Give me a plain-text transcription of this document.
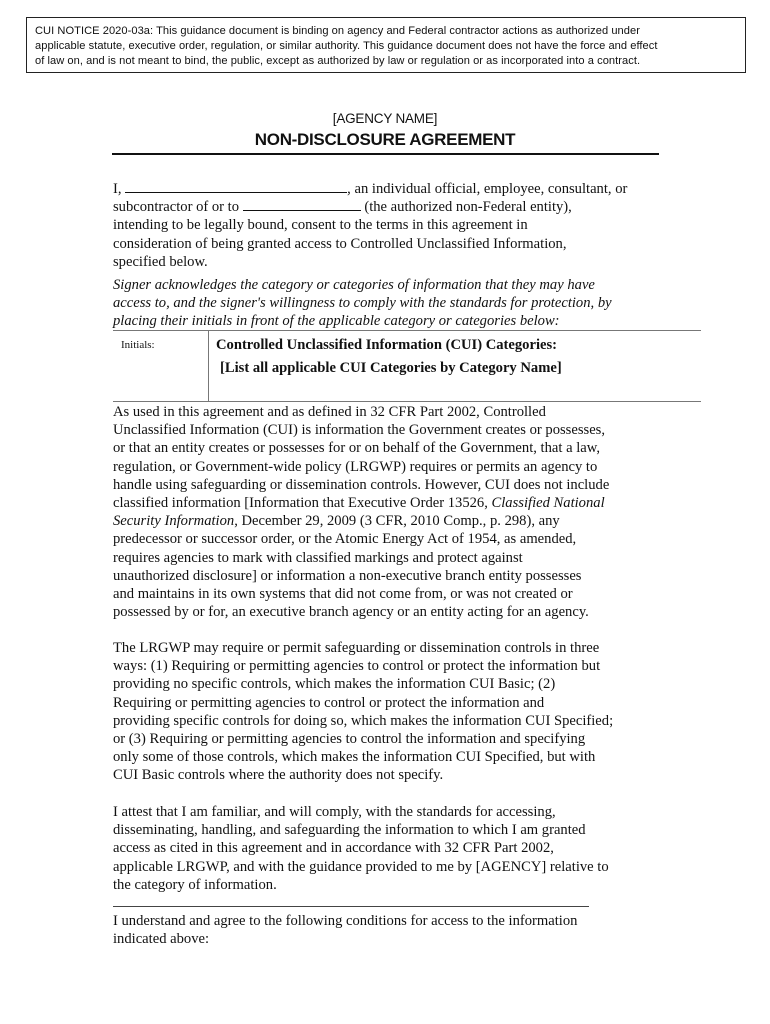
CUI NOTICE 2020-03a: This guidance document is binding on agency and Federal contractor actions as authorized under
applicable statute, executive order, regulation, or similar authority. This guidance document does not have the force and effect
of law on, and is not meant to bind, the public, except as authorized by law or regulation or as incorporated into a contract.
[AGENCY NAME]
NON-DISCLOSURE AGREEMENT
I,	, an individual official, employee, consultant, or
subcontractor of or to	(the authorized non-Federal entity),
intending to be legally bound, consent to the terms in this agreement in
consideration of being granted access to Controlled Unclassified Information,
specified below.
Signer acknowledges the category or categories of information that they may have
access to, and the signer's willingness to comply with the standards for protection, by
placing their initials in front of the applicable category or categories below:
Initials:	Controlled Unclassified Information (CUI) Categories:
[List all applicable CUI Categories by Category Name]
As used in this agreement and as defined in 32 CFR Part 2002, Controlled
Unclassified Information (CUI) is information the Government creates or possesses,
or that an entity creates or possesses for or on behalf of the Government, that a law,
regulation, or Government-wide policy (LRGWP) requires or permits an agency to
handle using safeguarding or dissemination controls. However, CUI does not include
classified information [Information that Executive Order 13526, Classified National
Security Information, December 29, 2009 (3 CFR, 2010 Comp., p. 298), any
predecessor or successor order, or the Atomic Energy Act of 1954, as amended,
requires agencies to mark with classified markings and protect against
unauthorized disclosure] or information a non-executive branch entity possesses
and maintains in its own systems that did not come from, or was not created or
possessed by or for, an executive branch agency or an entity acting for an agency.
The LRGWP may require or permit safeguarding or dissemination controls in three
ways: (1) Requiring or permitting agencies to control or protect the information but
providing no specific controls, which makes the information CUI Basic; (2)
Requiring or permitting agencies to control or protect the information and
providing specific controls for doing so, which makes the information CUI Specified;
or (3) Requiring or permitting agencies to control the information and specifying
only some of those controls, which makes the information CUI Specified, but with
CUI Basic controls where the authority does not specify.
I attest that I am familiar, and will comply, with the standards for accessing,
disseminating, handling, and safeguarding the information to which I am granted
access as cited in this agreement and in accordance with 32 CFR Part 2002,
applicable LRGWP, and with the guidance provided to me by [AGENCY] relative to
the category of information.
I understand and agree to the following conditions for access to the information
indicated above:
